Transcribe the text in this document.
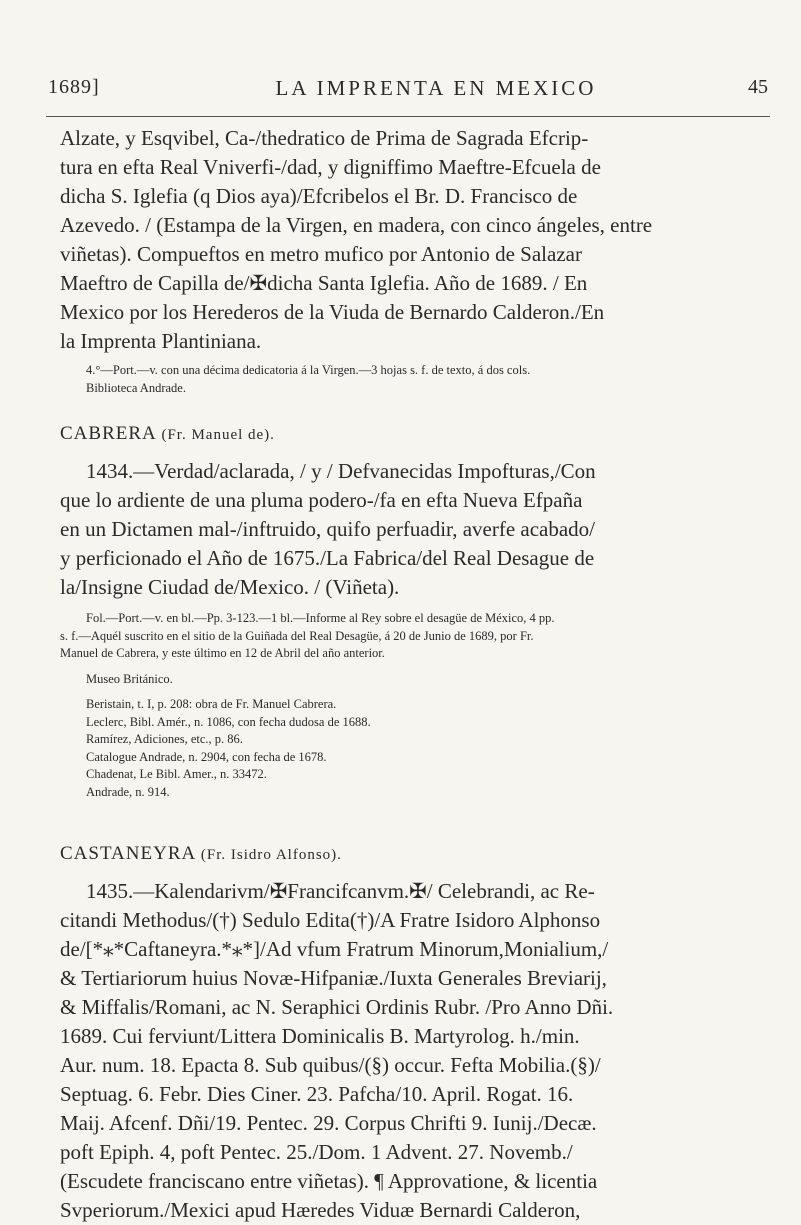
1689]	LA IMPRENTA EN MEXICO	45
Alzate, y Esqvibel, Ca-/thedratico de Prima de Sagrada Efcrip-
tura en efta Real Vniverfi-/dad, y digniffimo Maeftre-Efcuela de
dicha S. Iglefia (q Dios aya)/Efcribelos el Br. D. Francisco de
Azevedo. / (Estampa de la Virgen, en madera, con cinco ángeles, entre
viñetas). Compueftos en metro mufico por Antonio de Salazar
Maeftro de Capilla de/✠dicha Santa Iglefia. Año de 1689. / En
Mexico por los Herederos de la Viuda de Bernardo Calderon./En
la Imprenta Plantiniana.
4.°—Port.—v. con una décima dedicatoria á la Virgen.—3 hojas s. f. de texto, á dos cols.
Biblioteca Andrade.
CABRERA (Fr. Manuel de).
1434.—Verdad/aclarada, / y / Defvanecidas Impofturas,/Con
que lo ardiente de una pluma podero-/fa en efta Nueva Efpaña
en un Dictamen mal-/inftruido, quifo perfuadir, averfe acabado/
y perficionado el Año de 1675./La Fabrica/del Real Desague de
la/Insigne Ciudad de/Mexico. / (Viñeta).
Fol.—Port.—v. en bl.—Pp. 3-123.—1 bl.—Informe al Rey sobre el desagüe de México, 4 pp.
s. f.—Aquél suscrito en el sitio de la Guiñada del Real Desagüe, á 20 de Junio de 1689, por Fr.
Manuel de Cabrera, y este último en 12 de Abril del año anterior.
Museo Británico.
Beristain, t. I, p. 208: obra de Fr. Manuel Cabrera.
Leclerc, Bibl. Amér., n. 1086, con fecha dudosa de 1688.
Ramírez, Adiciones, etc., p. 86.
Catalogue Andrade, n. 2904, con fecha de 1678.
Chadenat, Le Bibl. Amer., n. 33472.
Andrade, n. 914.
CASTANEYRA (Fr. Isidro Alfonso).
1435.—Kalendarivm/✠Francifcanvm.✠/ Celebrandi, ac Re-
citandi Methodus/(†) Sedulo Edita(†)/A Fratre Isidoro Alphonso
de/[*⁎*Caftaneyra.*⁎*]/Ad vfum Fratrum Minorum,Monialium,/
& Tertiariorum huius Novæ-Hifpaniæ./Iuxta Generales Breviarij,
& Miffalis/Romani, ac N. Seraphici Ordinis Rubr. /Pro Anno Dñi.
1689. Cui ferviunt/Littera Dominicalis B. Martyrolog. h./min.
Aur. num. 18. Epacta 8. Sub quibus/(§) occur. Fefta Mobilia.(§)/
Septuag. 6. Febr. Dies Ciner. 23. Pafcha/10. April. Rogat. 16.
Maij. Afcenf. Dñi/19. Pentec. 29. Corpus Chrifti 9. Iunij./Decæ.
poft Epiph. 4, poft Pentec. 25./Dom. 1 Advent. 27. Novemb./
(Escudete franciscano entre viñetas). ¶ Approvatione, & licentia
Svperiorum./Mexici apud Hæredes Viduæ Bernardi Calderon,
